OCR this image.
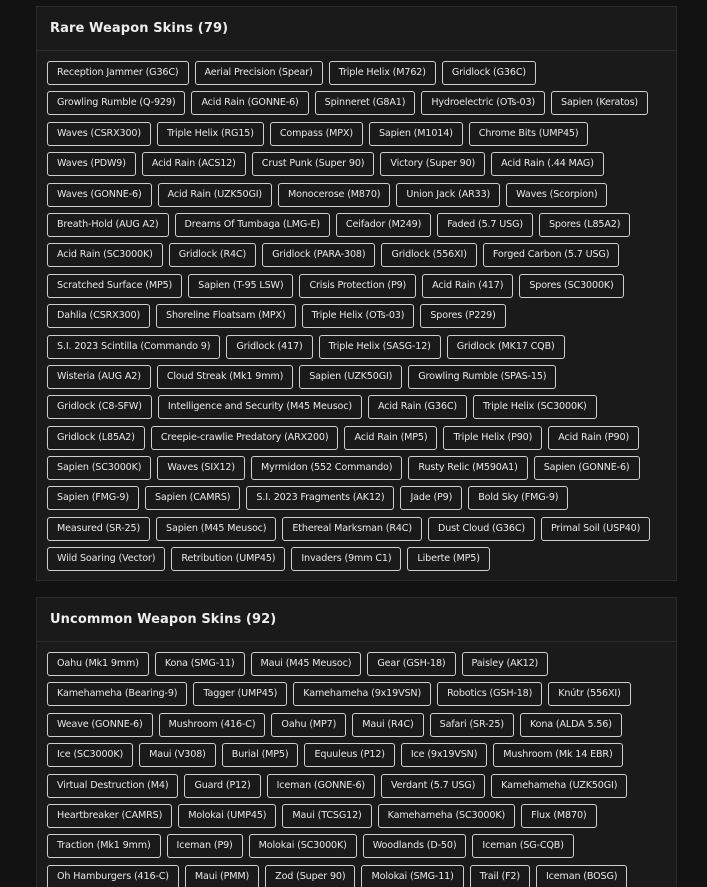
Rare Weapon Skins (79)
Reception Jammer (G36C)	Aerial Precision (Spear)	Triple Helix (M762)	Gridlock (G36C)
Growling Rumble (Q-929)	Acid Rain (GONNE-6)	Spinneret (G8A1)	Hydroelectric (OTs-03)	Sapien (Keratos)
Waves (CSRX300)	Triple Helix (RG15)	Compass (MPX)	Sapien (M1014)	Chrome Bits (UMP45)
Waves (PDW9)	Acid Rain (ACS12)	Crust Punk (Super 90)	Victory (Super 90)	Acid Rain (.44 MAG)
Waves (GONNE-6)	Acid Rain (UZK50GI)	Monocerose (M870)	Union Jack (AR33)	Waves (Scorpion)
Breath-Hold (AUG A2)	Dreams Of Tumbaga (LMG-E)	Ceifador (M249)	Faded (5.7 USG)	Spores (L85A2)
Acid Rain (SC3000K)	Gridlock (R4C)	Gridlock (PARA-308)	Gridlock (556XI)	Forged Carbon (5.7 USG)
Scratched Surface (MP5)	Sapien (T-95 LSW)	Crisis Protection (P9)	Acid Rain (417)	Spores (SC3000K)
Dahlia (CSRX300)	Shoreline Floatsam (MPX)	Triple Helix (OTs-03)	Spores (P229)
S.I. 2023 Scintilla (Commando 9)	Gridlock (417)	Triple Helix (SASG-12)	Gridlock (MK17 CQB)
Wisteria (AUG A2)	Cloud Streak (Mk1 9mm)	Sapien (UZK50GI)	Growling Rumble (SPAS-15)
Gridlock (C8-SFW)	Intelligence and Security (M45 Meusoc)	Acid Rain (G36C)	Triple Helix (SC3000K)
Gridlock (L85A2)	Creepie-crawlie Predatory (ARX200)	Acid Rain (MP5)	Triple Helix (P90)	Acid Rain (P90)
Sapien (SC3000K)	Waves (SIX12)	Myrmidon (552 Commando)	Rusty Relic (M590A1)	Sapien (GONNE-6)
Sapien (FMG-9)	Sapien (CAMRS)	S.I. 2023 Fragments (AK12)	Jade (P9)	Bold Sky (FMG-9)
Measured (SR-25)	Sapien (M45 Meusoc)	Ethereal Marksman (R4C)	Dust Cloud (G36C)	Primal Soil (USP40)
Wild Soaring (Vector)	Retribution (UMP45)	Invaders (9mm C1)	Liberte (MP5)
Uncommon Weapon Skins (92)
Oahu (Mk1 9mm)	Kona (SMG-11)	Maui (M45 Meusoc)	Gear (GSH-18)	Paisley (AK12)
Kamehameha (Bearing-9)	Tagger (UMP45)	Kamehameha (9x19VSN)	Robotics (GSH-18)	Knútr (556XI)
Weave (GONNE-6)	Mushroom (416-C)	Oahu (MP7)	Maui (R4C)	Safari (SR-25)	Kona (ALDA 5.56)
Ice (SC3000K)	Maui (V308)	Burial (MP5)	Equuleus (P12)	Ice (9x19VSN)	Mushroom (Mk 14 EBR)
Virtual Destruction (M4)	Guard (P12)	Iceman (GONNE-6)	Verdant (5.7 USG)	Kamehameha (UZK50GI)
Heartbreaker (CAMRS)	Molokai (UMP45)	Maui (TCSG12)	Kamehameha (SC3000K)	Flux (M870)
Traction (Mk1 9mm)	Iceman (P9)	Molokai (SC3000K)	Woodlands (D-50)	Iceman (SG-CQB)
Oh Hamburgers (416-C)	Maui (PMM)	Zod (Super 90)	Molokai (SMG-11)	Trail (F2)	Iceman (BOSG)
